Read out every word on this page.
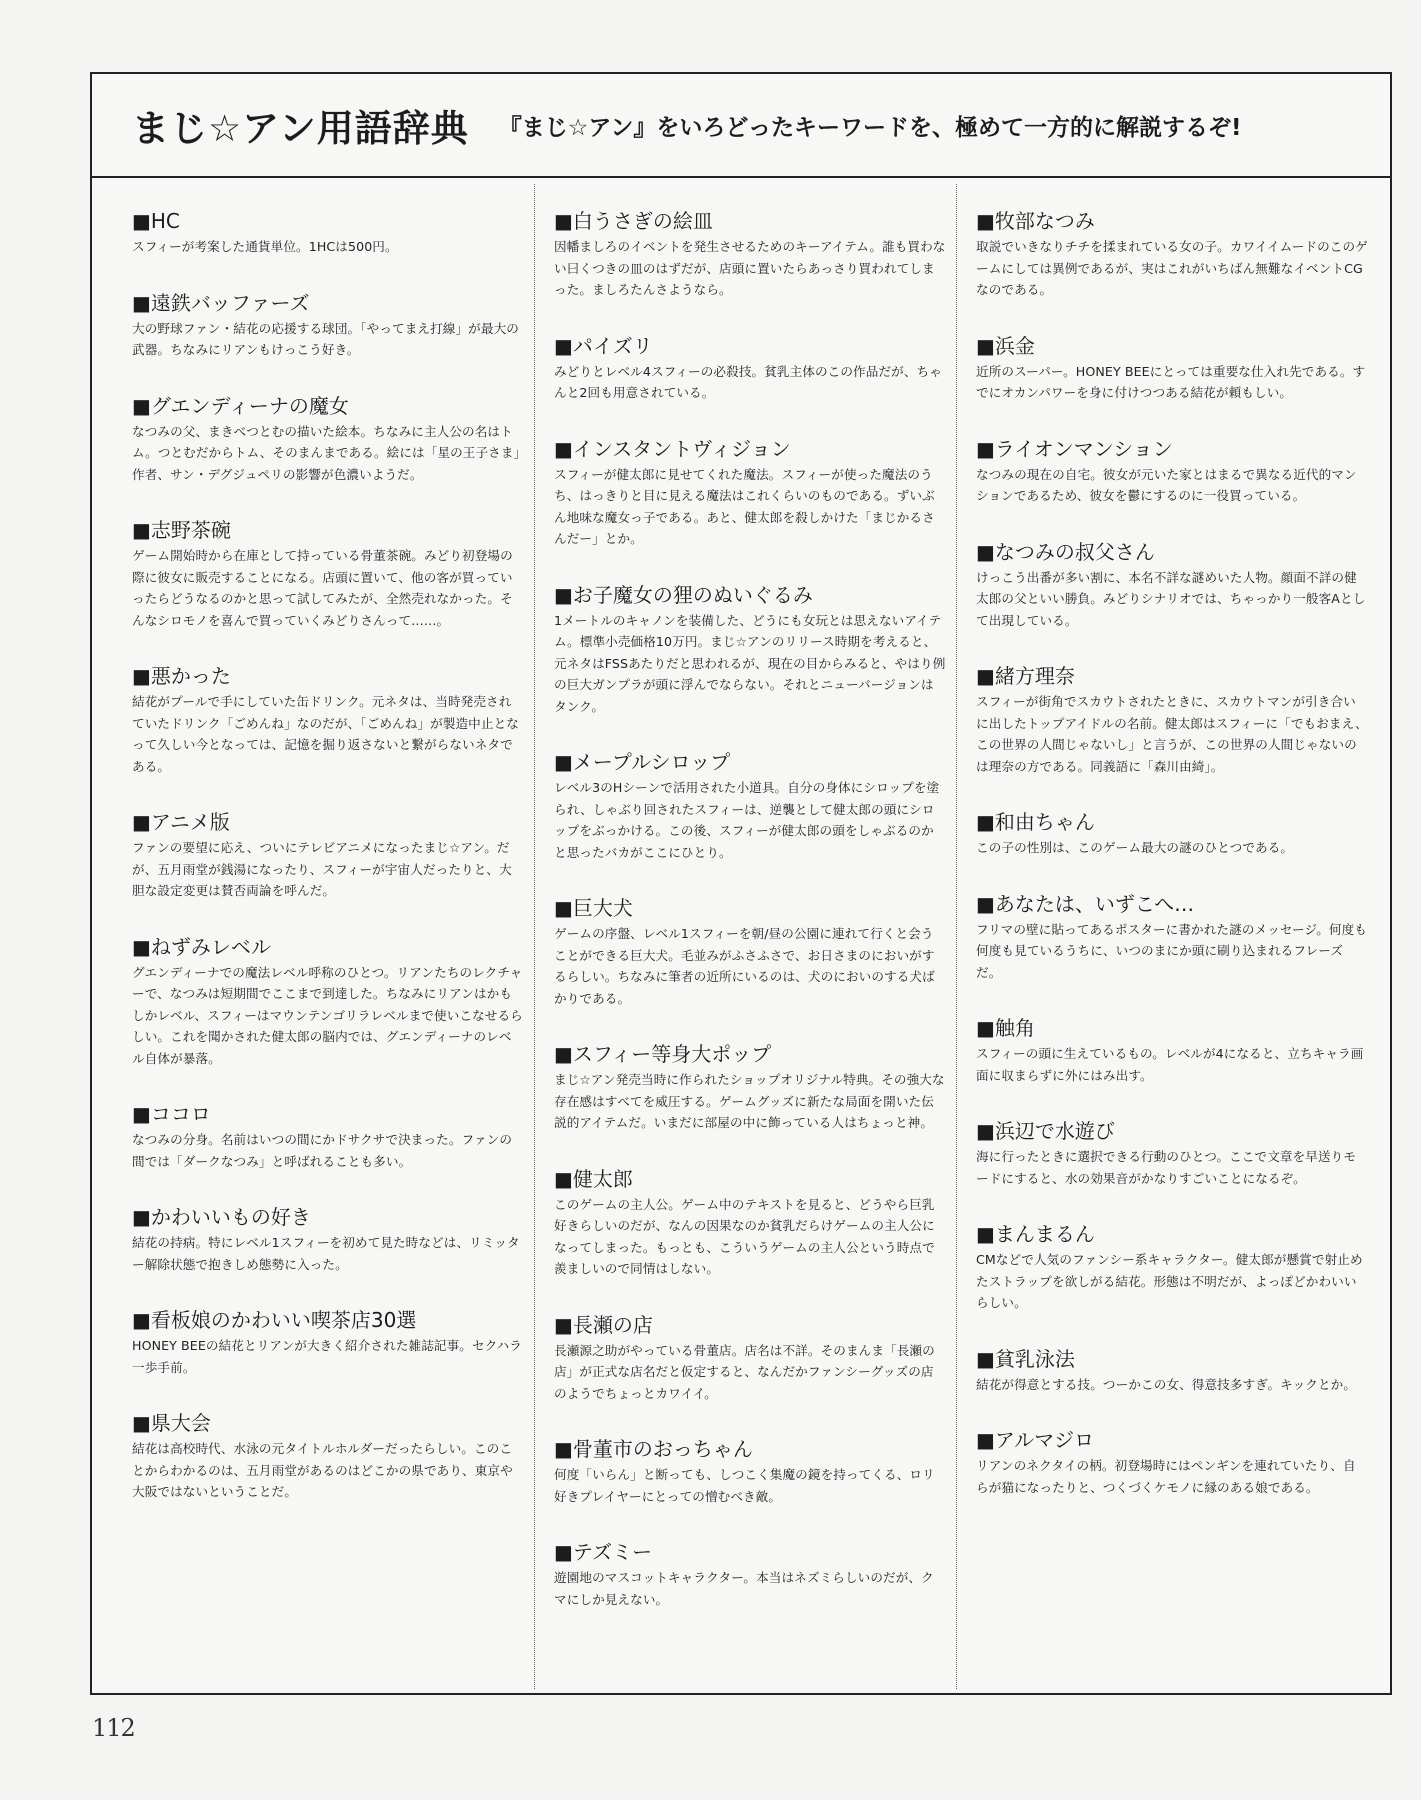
まじ☆アン用語辞典 『まじ☆アン』をいろどったキーワードを、極めて一方的に解説するぞ!
■HC
スフィーが考案した通貨単位。1HCは500円。
■遠鉄バッファーズ
大の野球ファン・結花の応援する球団。「やってまえ打線」が最大の武器。ちなみにリアンもけっこう好き。
■グエンディーナの魔女
なつみの父、まきべつとむの描いた絵本。ちなみに主人公の名はトム。つとむだからトム、そのまんまである。絵には「星の王子さま」作者、サン・デグジュペリの影響が色濃いようだ。
■志野茶碗
ゲーム開始時から在庫として持っている骨董茶碗。みどり初登場の際に彼女に販売することになる。店頭に置いて、他の客が買っていったらどうなるのかと思って試してみたが、全然売れなかった。そんなシロモノを喜んで買っていくみどりさんって……。
■悪かった
結花がプールで手にしていた缶ドリンク。元ネタは、当時発売されていたドリンク「ごめんね」なのだが、「ごめんね」が製造中止となって久しい今となっては、記憶を掘り返さないと繋がらないネタである。
■アニメ版
ファンの要望に応え、ついにテレビアニメになったまじ☆アン。だが、五月雨堂が銭湯になったり、スフィーが宇宙人だったりと、大胆な設定変更は賛否両論を呼んだ。
■ねずみレベル
グエンディーナでの魔法レベル呼称のひとつ。リアンたちのレクチャーで、なつみは短期間でここまで到達した。ちなみにリアンはかもしかレベル、スフィーはマウンテンゴリラレベルまで使いこなせるらしい。これを聞かされた健太郎の脳内では、グエンディーナのレベル自体が暴落。
■ココロ
なつみの分身。名前はいつの間にかドサクサで決まった。ファンの間では「ダークなつみ」と呼ばれることも多い。
■かわいいもの好き
結花の持病。特にレベル1スフィーを初めて見た時などは、リミッター解除状態で抱きしめ態勢に入った。
■看板娘のかわいい喫茶店30選
HONEY BEEの結花とリアンが大きく紹介された雑誌記事。セクハラ一歩手前。
■県大会
結花は高校時代、水泳の元タイトルホルダーだったらしい。このことからわかるのは、五月雨堂があるのはどこかの県であり、東京や大阪ではないということだ。
■白うさぎの絵皿
因幡ましろのイベントを発生させるためのキーアイテム。誰も買わない曰くつきの皿のはずだが、店頭に置いたらあっさり買われてしまった。ましろたんさようなら。
■パイズリ
みどりとレベル4スフィーの必殺技。貧乳主体のこの作品だが、ちゃんと2回も用意されている。
■インスタントヴィジョン
スフィーが健太郎に見せてくれた魔法。スフィーが使った魔法のうち、はっきりと目に見える魔法はこれくらいのものである。ずいぶん地味な魔女っ子である。あと、健太郎を殺しかけた「まじかるさんだー」とか。
■お子魔女の狸のぬいぐるみ
1メートルのキャノンを装備した、どうにも女玩とは思えないアイテム。標準小売価格10万円。まじ☆アンのリリース時期を考えると、元ネタはFSSあたりだと思われるが、現在の目からみると、やはり例の巨大ガンプラが頭に浮んでならない。それとニューバージョンはタンク。
■メープルシロップ
レベル3のHシーンで活用された小道具。自分の身体にシロップを塗られ、しゃぶり回されたスフィーは、逆襲として健太郎の頭にシロップをぶっかける。この後、スフィーが健太郎の頭をしゃぶるのかと思ったバカがここにひとり。
■巨大犬
ゲームの序盤、レベル1スフィーを朝/昼の公園に連れて行くと会うことができる巨大犬。毛並みがふさふさで、お日さまのにおいがするらしい。ちなみに筆者の近所にいるのは、犬のにおいのする犬ばかりである。
■スフィー等身大ポップ
まじ☆アン発売当時に作られたショップオリジナル特典。その強大な存在感はすべてを威圧する。ゲームグッズに新たな局面を開いた伝説的アイテムだ。いまだに部屋の中に飾っている人はちょっと神。
■健太郎
このゲームの主人公。ゲーム中のテキストを見ると、どうやら巨乳好きらしいのだが、なんの因果なのか貧乳だらけゲームの主人公になってしまった。もっとも、こういうゲームの主人公という時点で羨ましいので同情はしない。
■長瀬の店
長瀬源之助がやっている骨董店。店名は不詳。そのまんま「長瀬の店」が正式な店名だと仮定すると、なんだかファンシーグッズの店のようでちょっとカワイイ。
■骨董市のおっちゃん
何度「いらん」と断っても、しつこく集魔の鏡を持ってくる、ロリ好きプレイヤーにとっての憎むべき敵。
■テズミー
遊園地のマスコットキャラクター。本当はネズミらしいのだが、クマにしか見えない。
■牧部なつみ
取説でいきなりチチを揉まれている女の子。カワイイムードのこのゲームにしては異例であるが、実はこれがいちばん無難なイベントCGなのである。
■浜金
近所のスーパー。HONEY BEEにとっては重要な仕入れ先である。すでにオカンパワーを身に付けつつある結花が頼もしい。
■ライオンマンション
なつみの現在の自宅。彼女が元いた家とはまるで異なる近代的マンションであるため、彼女を鬱にするのに一役買っている。
■なつみの叔父さん
けっこう出番が多い割に、本名不詳な謎めいた人物。顔面不詳の健太郎の父といい勝負。みどりシナリオでは、ちゃっかり一般客Aとして出現している。
■緒方理奈
スフィーが街角でスカウトされたときに、スカウトマンが引き合いに出したトップアイドルの名前。健太郎はスフィーに「でもおまえ、この世界の人間じゃないし」と言うが、この世界の人間じゃないのは理奈の方である。同義語に「森川由綺」。
■和由ちゃん
この子の性別は、このゲーム最大の謎のひとつである。
■あなたは、いずこへ…
フリマの壁に貼ってあるポスターに書かれた謎のメッセージ。何度も何度も見ているうちに、いつのまにか頭に刷り込まれるフレーズだ。
■触角
スフィーの頭に生えているもの。レベルが4になると、立ちキャラ画面に収まらずに外にはみ出す。
■浜辺で水遊び
海に行ったときに選択できる行動のひとつ。ここで文章を早送りモードにすると、水の効果音がかなりすごいことになるぞ。
■まんまるん
CMなどで人気のファンシー系キャラクター。健太郎が懸賞で射止めたストラップを欲しがる結花。形態は不明だが、よっぽどかわいいらしい。
■貧乳泳法
結花が得意とする技。つーかこの女、得意技多すぎ。キックとか。
■アルマジロ
リアンのネクタイの柄。初登場時にはペンギンを連れていたり、自らが猫になったりと、つくづくケモノに縁のある娘である。
112
